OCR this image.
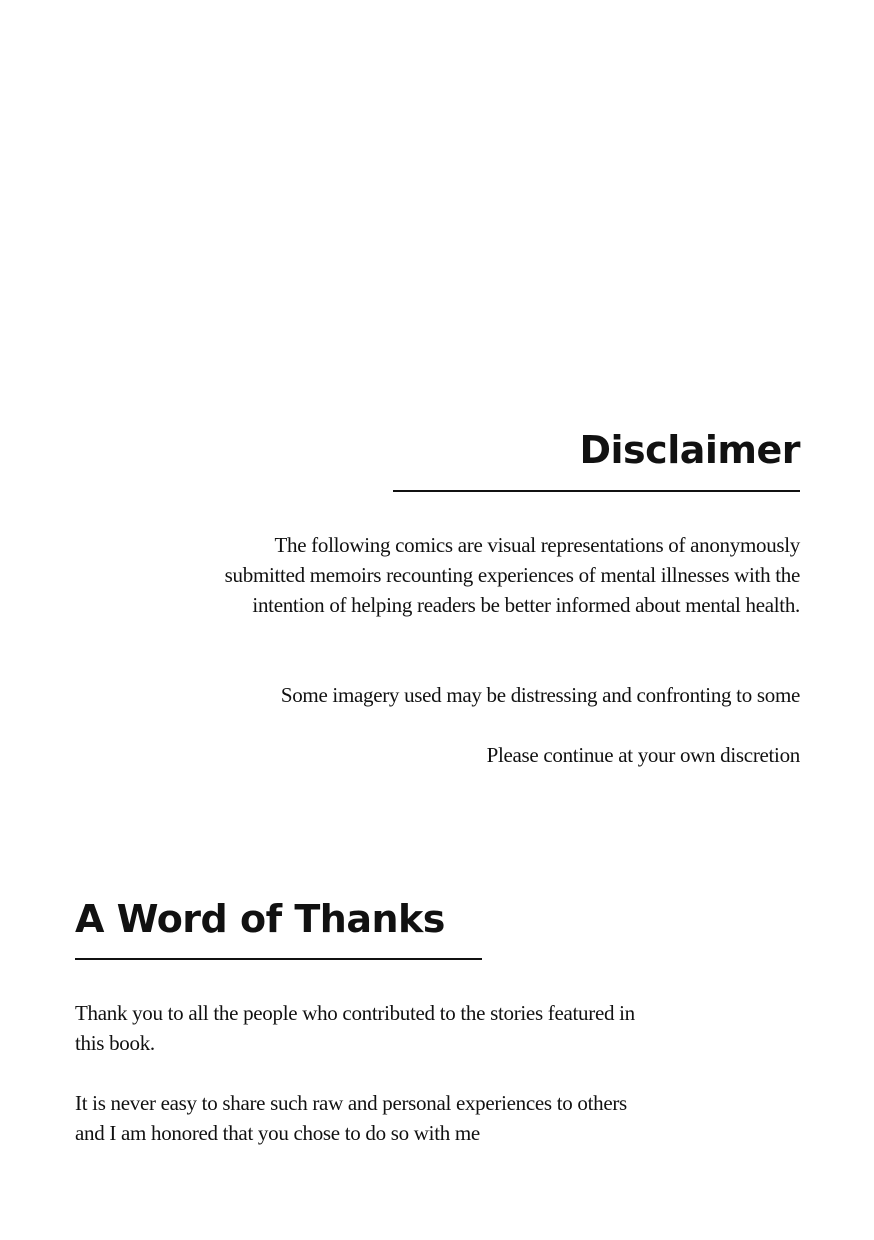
Disclaimer

The following comics are visual representations of anonymously submitted memoirs recounting experiences of mental illnesses with the intention of helping readers be better informed about mental health.

Some imagery used may be distressing and confronting to some

Please continue at your own discretion

A Word of Thanks

Thank you to all the people who contributed to the stories featured in this book.

It is never easy to share such raw and personal experiences to others and I am honored that you chose to do so with me
